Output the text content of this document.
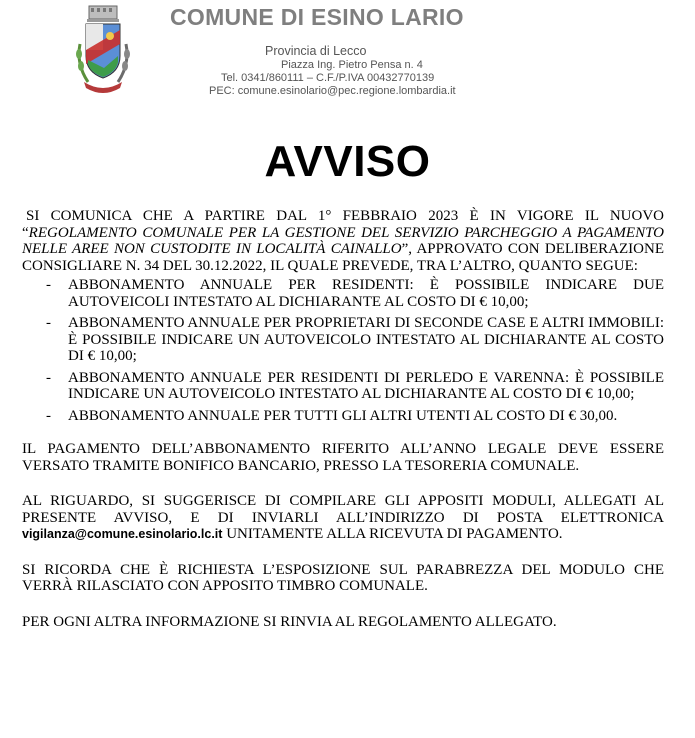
COMUNE DI ESINO LARIO
Provincia di Lecco
Piazza Ing. Pietro Pensa n. 4
Tel. 0341/860111 – C.F./P.IVA 00432770139
PEC: comune.esinolario@pec.regione.lombardia.it
AVVISO

SI COMUNICA CHE A PARTIRE DAL 1° FEBBRAIO 2023 È IN VIGORE IL NUOVO “REGOLAMENTO COMUNALE PER LA GESTIONE DEL SERVIZIO PARCHEGGIO A PAGAMENTO NELLE AREE NON CUSTODITE IN LOCALITÀ CAINALLO”, APPROVATO CON DELIBERAZIONE CONSIGLIARE N. 34 DEL 30.12.2022, IL QUALE PREVEDE, TRA L’ALTRO, QUANTO SEGUE:

- ABBONAMENTO ANNUALE PER RESIDENTI: È POSSIBILE INDICARE DUE AUTOVEICOLI INTESTATO AL DICHIARANTE AL COSTO DI € 10,00;
- ABBONAMENTO ANNUALE PER PROPRIETARI DI SECONDE CASE E ALTRI IMMOBILI: È POSSIBILE INDICARE UN AUTOVEICOLO INTESTATO AL DICHIARANTE AL COSTO DI € 10,00;
- ABBONAMENTO ANNUALE PER RESIDENTI DI PERLEDO E VARENNA: È POSSIBILE INDICARE UN AUTOVEICOLO INTESTATO AL DICHIARANTE AL COSTO DI € 10,00;
- ABBONAMENTO ANNUALE PER TUTTI GLI ALTRI UTENTI AL COSTO DI € 30,00.

IL PAGAMENTO DELL’ABBONAMENTO RIFERITO ALL’ANNO LEGALE DEVE ESSERE VERSATO TRAMITE BONIFICO BANCARIO, PRESSO LA TESORERIA COMUNALE.

AL RIGUARDO, SI SUGGERISCE DI COMPILARE GLI APPOSITI MODULI, ALLEGATI AL PRESENTE AVVISO, E DI INVIARLI ALL’INDIRIZZO DI POSTA ELETTRONICA vigilanza@comune.esinolario.lc.it UNITAMENTE ALLA RICEVUTA DI PAGAMENTO.

SI RICORDA CHE È RICHIESTA L’ESPOSIZIONE SUL PARABREZZA DEL MODULO CHE VERRÀ RILASCIATO CON APPOSITO TIMBRO COMUNALE.

PER OGNI ALTRA INFORMAZIONE SI RINVIA AL REGOLAMENTO ALLEGATO.
